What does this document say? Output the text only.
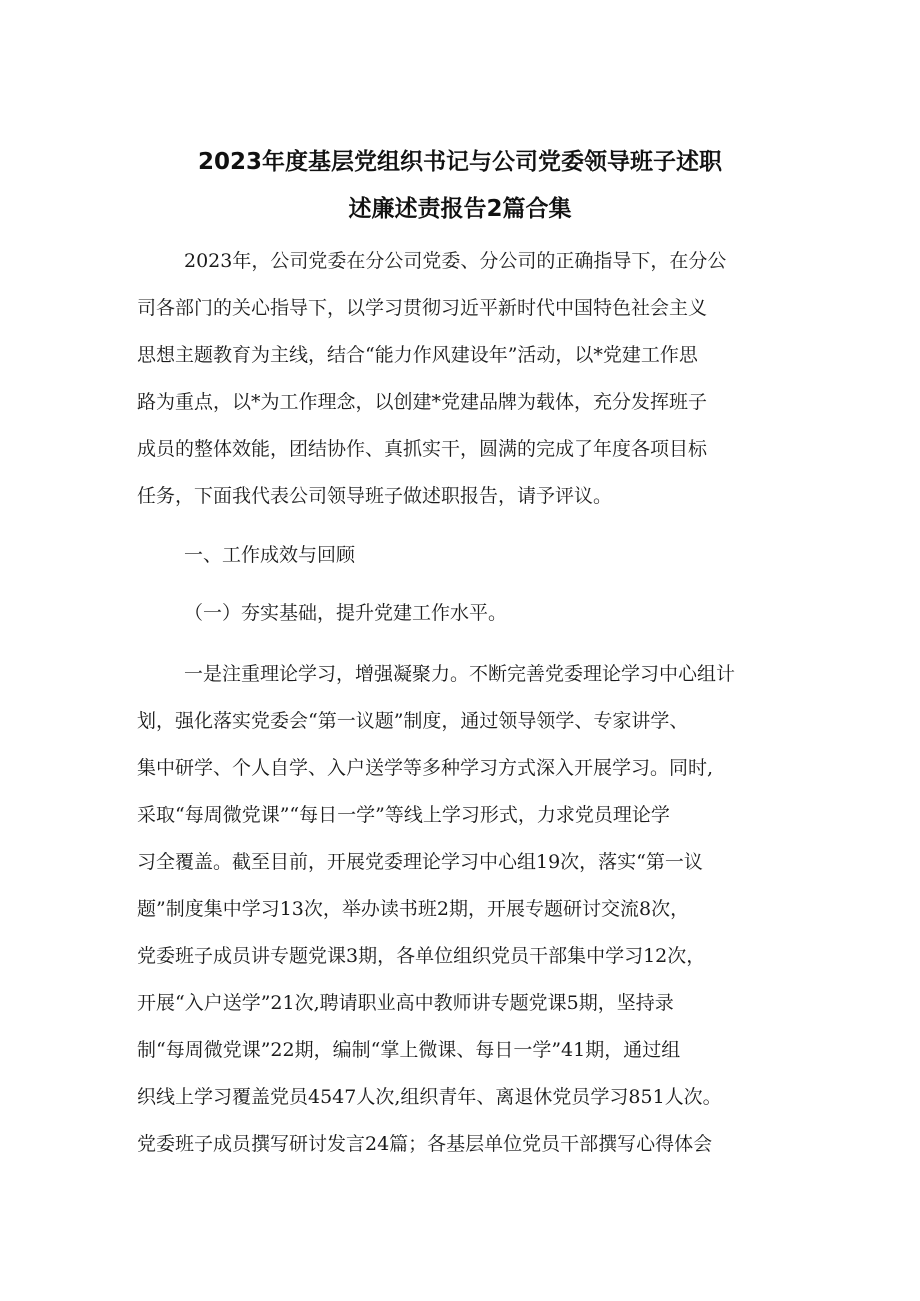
2023年度基层党组织书记与公司党委领导班子述职
述廉述责报告2篇合集

2023年，公司党委在分公司党委、分公司的正确指导下，在分公

司各部门的关心指导下，以学习贯彻习近平新时代中国特色社会主义

思想主题教育为主线，结合“能力作风建设年”活动，以*党建工作思

路为重点，以*为工作理念，以创建*党建品牌为载体，充分发挥班子

成员的整体效能，团结协作、真抓实干，圆满的完成了年度各项目标

任务，下面我代表公司领导班子做述职报告，请予评议。

一、工作成效与回顾

（一）夯实基础，提升党建工作水平。

一是注重理论学习，增强凝聚力。不断完善党委理论学习中心组计

划，强化落实党委会“第一议题”制度，通过领导领学、专家讲学、

集中研学、个人自学、入户送学等多种学习方式深入开展学习。同时,

采取“每周微党课”“每日一学”等线上学习形式，力求党员理论学

习全覆盖。截至目前，开展党委理论学习中心组19次，落实“第一议

题”制度集中学习13次，举办读书班2期，开展专题研讨交流8次，

党委班子成员讲专题党课3期，各单位组织党员干部集中学习12次，

开展“入户送学”21次,聘请职业高中教师讲专题党课5期，坚持录

制“每周微党课”22期，编制“掌上微课、每日一学”41期，通过组

织线上学习覆盖党员4547人次,组织青年、离退休党员学习851人次。

党委班子成员撰写研讨发言24篇；各基层单位党员干部撰写心得体会
